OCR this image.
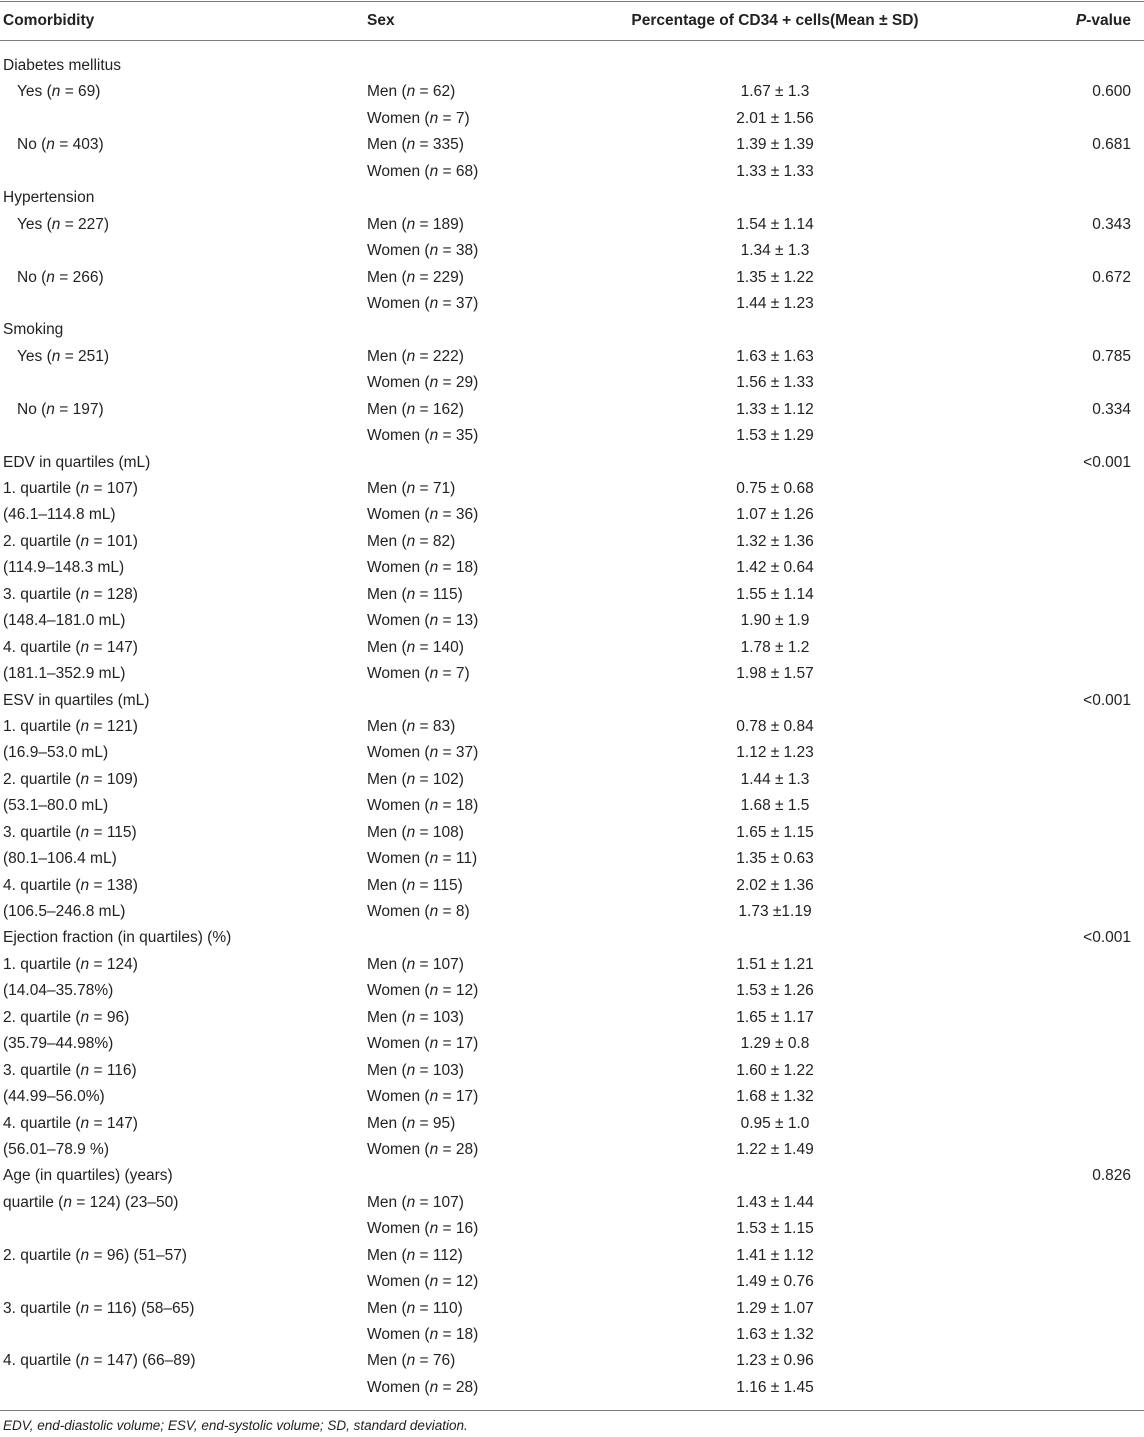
Comorbidity	Sex	Percentage of CD34 + cells(Mean ± SD)	P-value
Diabetes mellitus
Yes (n = 69)	Men (n = 62)	1.67 ± 1.3	0.600
Women (n = 7)	2.01 ± 1.56
No (n = 403)	Men (n = 335)	1.39 ± 1.39	0.681
Women (n = 68)	1.33 ± 1.33
Hypertension
Yes (n = 227)	Men (n = 189)	1.54 ± 1.14	0.343
Women (n = 38)	1.34 ± 1.3
No (n = 266)	Men (n = 229)	1.35 ± 1.22	0.672
Women (n = 37)	1.44 ± 1.23
Smoking
Yes (n = 251)	Men (n = 222)	1.63 ± 1.63	0.785
Women (n = 29)	1.56 ± 1.33
No (n = 197)	Men (n = 162)	1.33 ± 1.12	0.334
Women (n = 35)	1.53 ± 1.29
EDV in quartiles (mL)	<0.001
1. quartile (n = 107)	Men (n = 71)	0.75 ± 0.68
(46.1–114.8 mL)	Women (n = 36)	1.07 ± 1.26
2. quartile (n = 101)	Men (n = 82)	1.32 ± 1.36
(114.9–148.3 mL)	Women (n = 18)	1.42 ± 0.64
3. quartile (n = 128)	Men (n = 115)	1.55 ± 1.14
(148.4–181.0 mL)	Women (n = 13)	1.90 ± 1.9
4. quartile (n = 147)	Men (n = 140)	1.78 ± 1.2
(181.1–352.9 mL)	Women (n = 7)	1.98 ± 1.57
ESV in quartiles (mL)	<0.001
1. quartile (n = 121)	Men (n = 83)	0.78 ± 0.84
(16.9–53.0 mL)	Women (n = 37)	1.12 ± 1.23
2. quartile (n = 109)	Men (n = 102)	1.44 ± 1.3
(53.1–80.0 mL)	Women (n = 18)	1.68 ± 1.5
3. quartile (n = 115)	Men (n = 108)	1.65 ± 1.15
(80.1–106.4 mL)	Women (n = 11)	1.35 ± 0.63
4. quartile (n = 138)	Men (n = 115)	2.02 ± 1.36
(106.5–246.8 mL)	Women (n = 8)	1.73 ±1.19
Ejection fraction (in quartiles) (%)	<0.001
1. quartile (n = 124)	Men (n = 107)	1.51 ± 1.21
(14.04–35.78%)	Women (n = 12)	1.53 ± 1.26
2. quartile (n = 96)	Men (n = 103)	1.65 ± 1.17
(35.79–44.98%)	Women (n = 17)	1.29 ± 0.8
3. quartile (n = 116)	Men (n = 103)	1.60 ± 1.22
(44.99–56.0%)	Women (n = 17)	1.68 ± 1.32
4. quartile (n = 147)	Men (n = 95)	0.95 ± 1.0
(56.01–78.9 %)	Women (n = 28)	1.22 ± 1.49
Age (in quartiles) (years)	0.826
quartile (n = 124) (23–50)	Men (n = 107)	1.43 ± 1.44
Women (n = 16)	1.53 ± 1.15
2. quartile (n = 96) (51–57)	Men (n = 112)	1.41 ± 1.12
Women (n = 12)	1.49 ± 0.76
3. quartile (n = 116) (58–65)	Men (n = 110)	1.29 ± 1.07
Women (n = 18)	1.63 ± 1.32
4. quartile (n = 147) (66–89)	Men (n = 76)	1.23 ± 0.96
Women (n = 28)	1.16 ± 1.45
EDV, end-diastolic volume; ESV, end-systolic volume; SD, standard deviation.
